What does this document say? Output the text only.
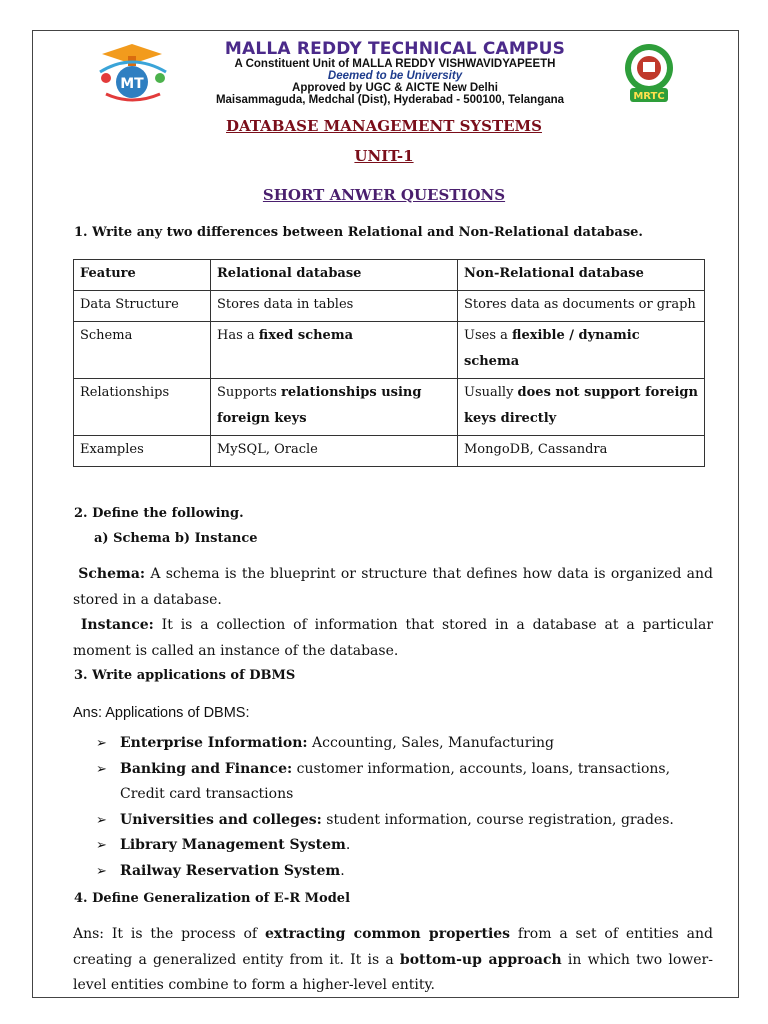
MT
MALLA REDDY TECHNICAL CAMPUS
A Constituent Unit of MALLA REDDY VISHWAVIDYAPEETH
Deemed to be University
Approved by UGC & AICTE New Delhi
Maisammaguda, Medchal (Dist), Hyderabad - 500100, Telangana	MRTC
DATABASE MANAGEMENT SYSTEMS
UNIT-1
SHORT ANWER QUESTIONS
1. Write any two differences between Relational and Non-Relational database.
Feature	Relational database	Non-Relational database
Data Structure	Stores data in tables	Stores data as documents or graph
Schema	Has a fixed schema	Uses a flexible / dynamic schema
Relationships	Supports relationships using foreign keys	Usually does not support foreign keys directly
Examples	MySQL, Oracle	MongoDB, Cassandra
2. Define the following.
a) Schema b) Instance
Schema: A schema is the blueprint or structure that defines how data is organized and stored in a database.
Instance: It is a collection of information that stored in a database at a particular moment is called an instance of the database.
3. Write applications of DBMS
Ans: Applications of DBMS:
➢ Enterprise Information: Accounting, Sales, Manufacturing
➢ Banking and Finance: customer information, accounts, loans, transactions, Credit card transactions
➢ Universities and colleges: student information, course registration, grades.
➢ Library Management System.
➢ Railway Reservation System.
4. Define Generalization of E-R Model
Ans: It is the process of extracting common properties from a set of entities and creating a generalized entity from it. It is a bottom-up approach in which two lower-level entities combine to form a higher-level entity.
